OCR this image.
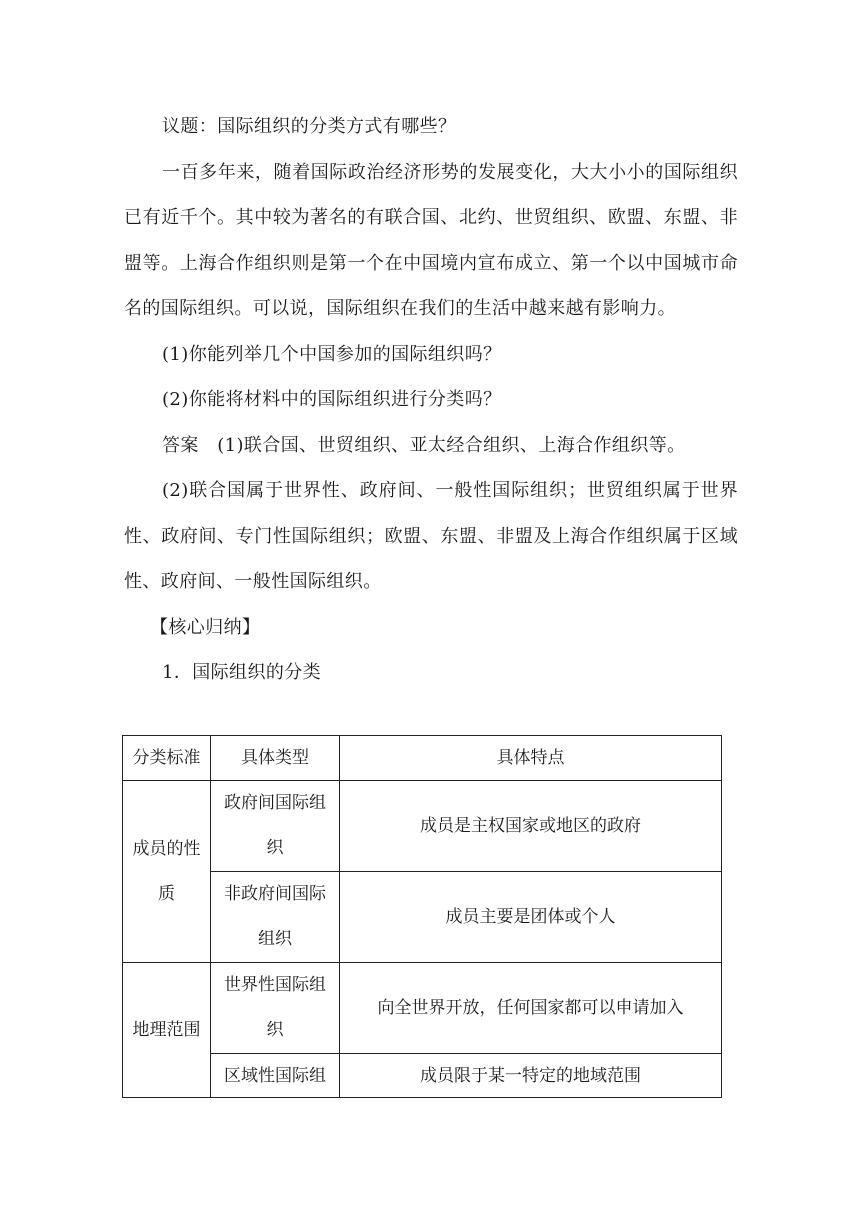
议题：国际组织的分类方式有哪些？

一百多年来，随着国际政治经济形势的发展变化，大大小小的国际组织已有近千个。其中较为著名的有联合国、北约、世贸组织、欧盟、东盟、非盟等。上海合作组织则是第一个在中国境内宣布成立、第一个以中国城市命名的国际组织。可以说，国际组织在我们的生活中越来越有影响力。

(1)你能列举几个中国参加的国际组织吗？

(2)你能将材料中的国际组织进行分类吗？

答案　 (1)联合国、世贸组织、亚太经合组织、上海合作组织等。

(2)联合国属于世界性、政府间、一般性国际组织；世贸组织属于世界性、政府间、专门性国际组织；欧盟、东盟、非盟及上海合作组织属于区域性、政府间、一般性国际组织。

【核心归纳】

1．国际组织的分类

分类标准	具体类型	具体特点

成员的性质	政府间国际组织	成员是主权国家或地区的政府

	非政府间国际组织	成员主要是团体或个人

地理范围	世界性国际组织	向全世界开放，任何国家都可以申请加入
	区域性国际组	成员限于某一特定的地域范围
